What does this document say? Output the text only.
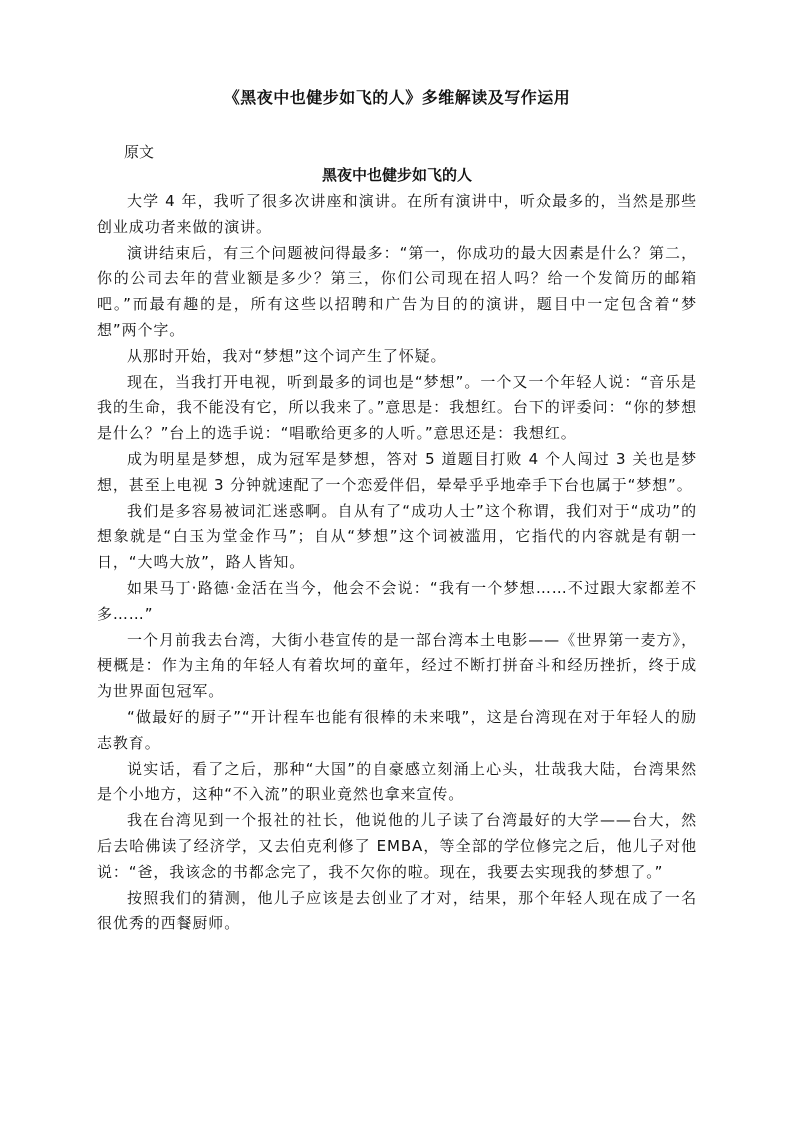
《黑夜中也健步如飞的人》多维解读及写作运用

原文

黑夜中也健步如飞的人

大学 4 年，我听了很多次讲座和演讲。在所有演讲中，听众最多的，当然是那些创业成功者来做的演讲。

演讲结束后，有三个问题被问得最多：“第一，你成功的最大因素是什么？第二，你的公司去年的营业额是多少？第三，你们公司现在招人吗？给一个发简历的邮箱吧。”而最有趣的是，所有这些以招聘和广告为目的的演讲，题目中一定包含着“梦想”两个字。

从那时开始，我对“梦想”这个词产生了怀疑。

现在，当我打开电视，听到最多的词也是“梦想”。一个又一个年轻人说：“音乐是我的生命，我不能没有它，所以我来了。”意思是：我想红。台下的评委问：“你的梦想是什么？”台上的选手说：“唱歌给更多的人听。”意思还是：我想红。

成为明星是梦想，成为冠军是梦想，答对 5 道题目打败 4 个人闯过 3 关也是梦想，甚至上电视 3 分钟就速配了一个恋爱伴侣，晕晕乎乎地牵手下台也属于“梦想”。

我们是多容易被词汇迷惑啊。自从有了“成功人士”这个称谓，我们对于“成功”的想象就是“白玉为堂金作马”；自从“梦想”这个词被滥用，它指代的内容就是有朝一日，“大鸣大放”，路人皆知。

如果马丁·路德·金活在当今，他会不会说：“我有一个梦想……不过跟大家都差不多……”

一个月前我去台湾，大街小巷宣传的是一部台湾本土电影——《世界第一麦方》，梗概是：作为主角的年轻人有着坎坷的童年，经过不断打拼奋斗和经历挫折，终于成为世界面包冠军。

“做最好的厨子”“开计程车也能有很棒的未来哦”，这是台湾现在对于年轻人的励志教育。

说实话，看了之后，那种“大国”的自豪感立刻涌上心头，壮哉我大陆，台湾果然是个小地方，这种“不入流”的职业竟然也拿来宣传。

我在台湾见到一个报社的社长，他说他的儿子读了台湾最好的大学——台大，然后去哈佛读了经济学，又去伯克利修了 EMBA，等全部的学位修完之后，他儿子对他说：“爸，我该念的书都念完了，我不欠你的啦。现在，我要去实现我的梦想了。”

按照我们的猜测，他儿子应该是去创业了才对，结果，那个年轻人现在成了一名很优秀的西餐厨师。
